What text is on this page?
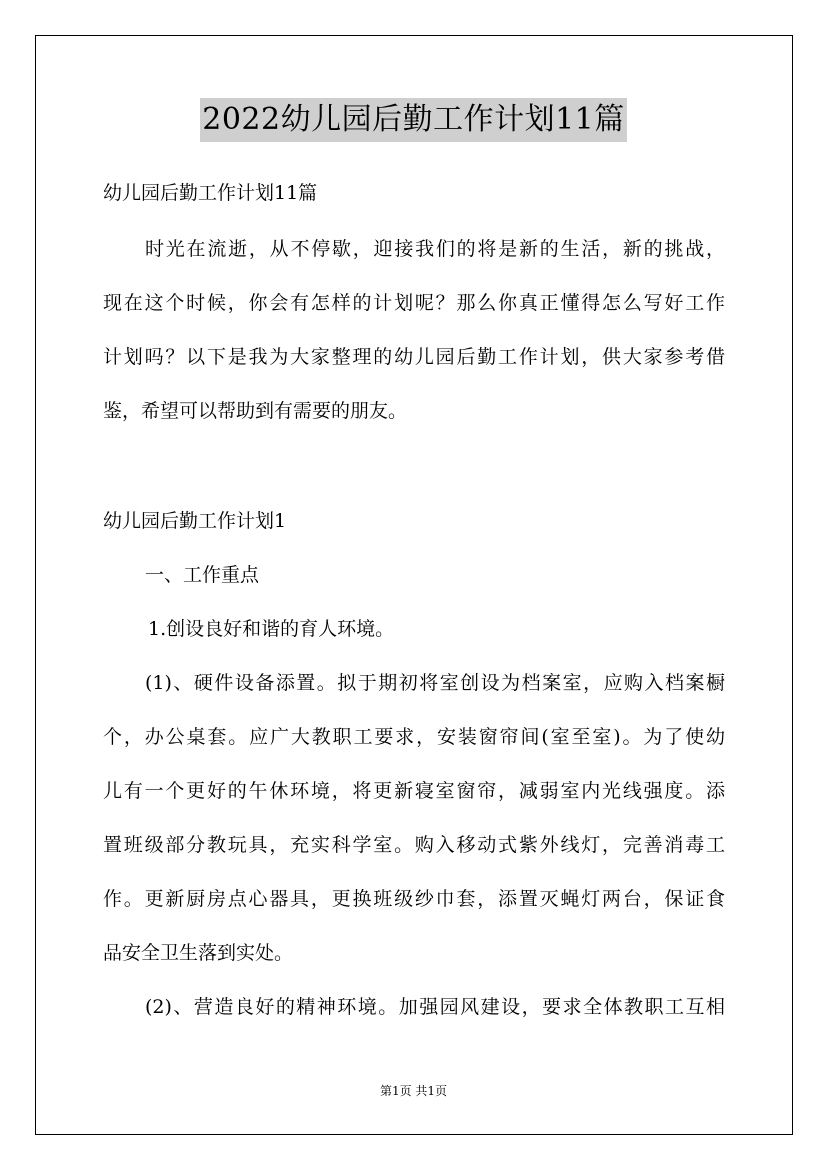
2022幼儿园后勤工作计划11篇
幼儿园后勤工作计划11篇
时光在流逝，从不停歇，迎接我们的将是新的生活，新的挑战，
现在这个时候，你会有怎样的计划呢？那么你真正懂得怎么写好工作
计划吗？以下是我为大家整理的幼儿园后勤工作计划，供大家参考借
鉴，希望可以帮助到有需要的朋友。
幼儿园后勤工作计划1
一、工作重点
1.创设良好和谐的育人环境。
(1)、硬件设备添置。拟于期初将室创设为档案室，应购入档案橱
个，办公桌套。应广大教职工要求，安装窗帘间(室至室)。为了使幼
儿有一个更好的午休环境，将更新寝室窗帘，减弱室内光线强度。添
置班级部分教玩具，充实科学室。购入移动式紫外线灯，完善消毒工
作。更新厨房点心器具，更换班级纱巾套，添置灭蝇灯两台，保证食
品安全卫生落到实处。
(2)、营造良好的精神环境。加强园风建设，要求全体教职工互相
第1页 共1页
